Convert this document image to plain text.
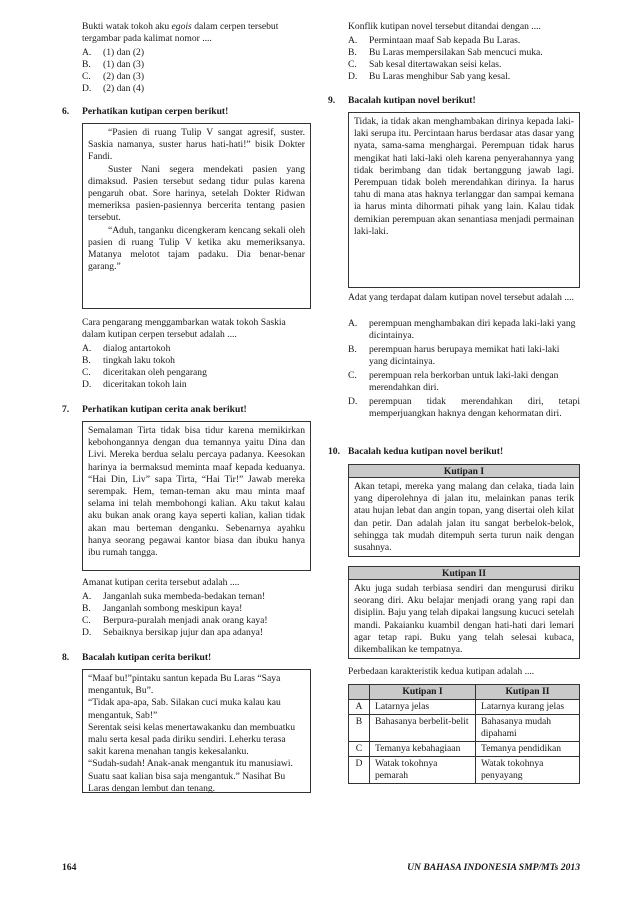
Bukti watak tokoh aku egois dalam cerpen tersebut
tergambar pada kalimat nomor ....
A. (1) dan (2)
B. (1) dan (3)
C. (2) dan (3)
D. (2) dan (4)
6. Perhatikan kutipan cerpen berikut!

“Pasien di ruang Tulip V sangat agresif, suster. Saskia namanya, suster harus hati-hati!” bisik Dokter Fandi.

Suster Nani segera mendekati pasien yang dimaksud. Pasien tersebut sedang tidur pulas karena pengaruh obat. Sore harinya, setelah Dokter Ridwan memeriksa pasien-pasiennya bercerita tentang pasien tersebut.

“Aduh, tanganku dicengkeram kencang sekali oleh pasien di ruang Tulip V ketika aku memeriksanya. Matanya melotot tajam padaku. Dia benar-benar garang.”

Cara pengarang menggambarkan watak tokoh Saskia dalam kutipan cerpen tersebut adalah ....
A. dialog antartokoh
B. tingkah laku tokoh
C. diceritakan oleh pengarang
D. diceritakan tokoh lain
7. Perhatikan kutipan cerita anak berikut!

Semalaman Tirta tidak bisa tidur karena memikirkan kebohongannya dengan dua temannya yaitu Dina dan Livi. Mereka berdua selalu percaya padanya. Keesokan harinya ia bermaksud meminta maaf kepada keduanya. “Hai Din, Liv” sapa Tirta, “Hai Tir!” Jawab mereka serempak. Hem, teman-teman aku mau minta maaf selama ini telah membohongi kalian. Aku takut kalau aku bukan anak orang kaya seperti kalian, kalian tidak akan mau berteman denganku. Sebenarnya ayahku hanya seorang pegawai kantor biasa dan ibuku hanya ibu rumah tangga.

Amanat kutipan cerita tersebut adalah ....
A. Janganlah suka membeda-bedakan teman!
B. Janganlah sombong meskipun kaya!
C. Berpura-puralah menjadi anak orang kaya!
D. Sebaiknya bersikap jujur dan apa adanya!
8. Bacalah kutipan cerita berikut!

“Maaf bu!”pintaku santun kepada Bu Laras “Saya mengantuk, Bu”.

“Tidak apa-apa, Sab. Silakan cuci muka kalau kau mengantuk, Sab!”

Serentak seisi kelas menertawakanku dan membuatku malu serta kesal pada diriku sendiri. Leherku terasa sakit karena menahan tangis kekesalanku.

“Sudah-sudah! Anak-anak mengantuk itu manusiawi. Suatu saat kalian bisa saja mengantuk.” Nasihat Bu Laras dengan lembut dan tenang.

Konflik kutipan novel tersebut ditandai dengan ....
A. Permintaan maaf Sab kepada Bu Laras.
B. Bu Laras mempersilakan Sab mencuci muka.
C. Sab kesal ditertawakan seisi kelas.
D. Bu Laras menghibur Sab yang kesal.
9. Bacalah kutipan novel berikut!

Tidak, ia tidak akan menghambakan dirinya kepada laki-laki serupa itu. Percintaan harus berdasar atas dasar yang nyata, sama-sama menghargai. Perempuan tidak harus mengikat hati laki-laki oleh karena penyerahannya yang tidak berimbang dan tidak bertanggung jawab lagi. Perempuan tidak boleh merendahkan dirinya. Ia harus tahu di mana atas haknya terlanggar dan sampai kemana ia harus minta dihormati pihak yang lain. Kalau tidak demikian perempuan akan senantiasa menjadi permainan laki-laki.

Adat yang terdapat dalam kutipan novel tersebut adalah ....
A. perempuan menghambakan diri kepada laki-laki yang dicintainya.
B. perempuan harus berupaya memikat hati laki-laki yang dicintainya.
C. perempuan rela berkorban untuk laki-laki dengan merendahkan diri.
D. perempuan tidak merendahkan diri, tetapi memperjuangkan haknya dengan kehormatan diri.
10. Bacalah kedua kutipan novel berikut!
Kutipan I

Akan tetapi, mereka yang malang dan celaka, tiada lain yang diperolehnya di jalan itu, melainkan panas terik atau hujan lebat dan angin topan, yang disertai oleh kilat dan petir. Dan adalah jalan itu sangat berbelok-belok, sehingga tak mudah ditempuh serta turun naik dengan susahnya.

Kutipan II

Aku juga sudah terbiasa sendiri dan mengurusi diriku seorang diri. Aku belajar menjadi orang yang rapi dan disiplin. Baju yang telah dipakai langsung kucuci setelah mandi. Pakaianku kuambil dengan hati-hati dari lemari agar tetap rapi. Buku yang telah selesai kubaca, dikembalikan ke tempatnya.

Perbedaan karakteristik kedua kutipan adalah ....
	Kutipan I	Kutipan II
A	Latarnya jelas	Latarnya kurang jelas
B	Bahasanya berbelit-belit	Bahasanya mudah dipahami
C	Temanya kebahagiaan	Temanya pendidikan
D	Watak tokohnya pemarah	Watak tokohnya penyayang
164	UN BAHASA INDONESIA SMP/MTs 2013
